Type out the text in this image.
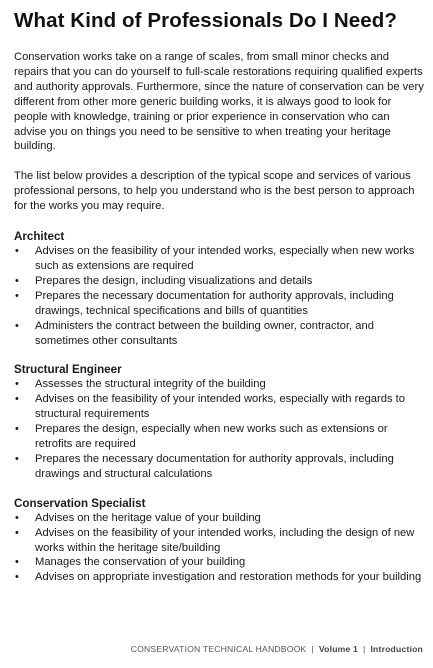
What Kind of Professionals Do I Need?

Conservation works take on a range of scales, from small minor checks and repairs that you can do yourself to full-scale restorations requiring qualified experts and authority approvals. Furthermore, since the nature of conservation can be very different from other more generic building works, it is always good to look for people with knowledge, training or prior experience in conservation who can advise you on things you need to be sensitive to when treating your heritage building.

The list below provides a description of the typical scope and services of various professional persons, to help you understand who is the best person to approach for the works you may require.

Architect
• Advises on the feasibility of your intended works, especially when new works such as extensions are required
• Prepares the design, including visualizations and details
• Prepares the necessary documentation for authority approvals, including drawings, technical specifications and bills of quantities
• Administers the contract between the building owner, contractor, and sometimes other consultants
Structural Engineer
• Assesses the structural integrity of the building
• Advises on the feasibility of your intended works, especially with regards to structural requirements
• Prepares the design, especially when new works such as extensions or retrofits are required
• Prepares the necessary documentation for authority approvals, including drawings and structural calculations
Conservation Specialist
• Advises on the heritage value of your building
• Advises on the feasibility of your intended works, including the design of new works within the heritage site/building
• Manages the conservation of your building
• Advises on appropriate investigation and restoration methods for your building
CONSERVATION TECHNICAL HANDBOOK | Volume 1 | Introduction
